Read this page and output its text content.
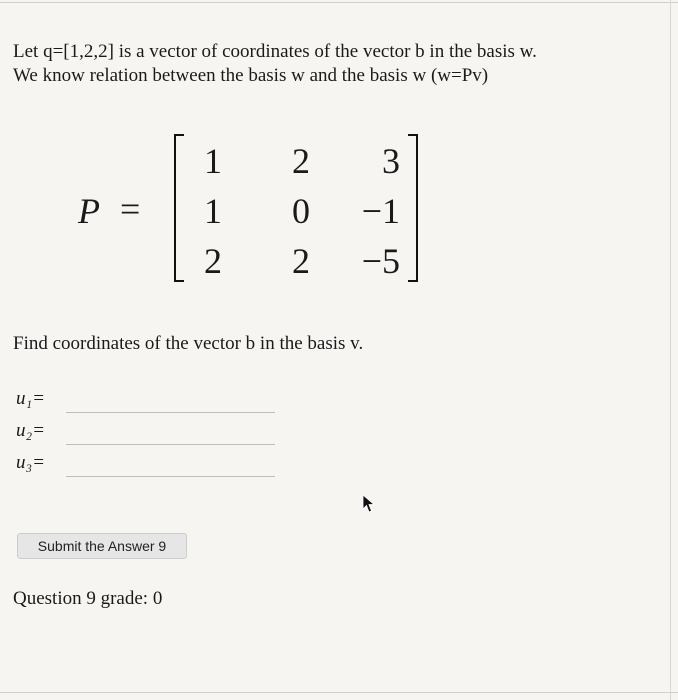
Let q=[1,2,2] is a vector of coordinates of the vector b in the basis w.
We know relation between the basis w and the basis w (w=Pv)
P =
1	2	3
1	0	−1
2	2	−5
Find coordinates of the vector b in the basis v.
u₁=
u₂=
u₃=
Submit the Answer 9
Question 9 grade: 0
